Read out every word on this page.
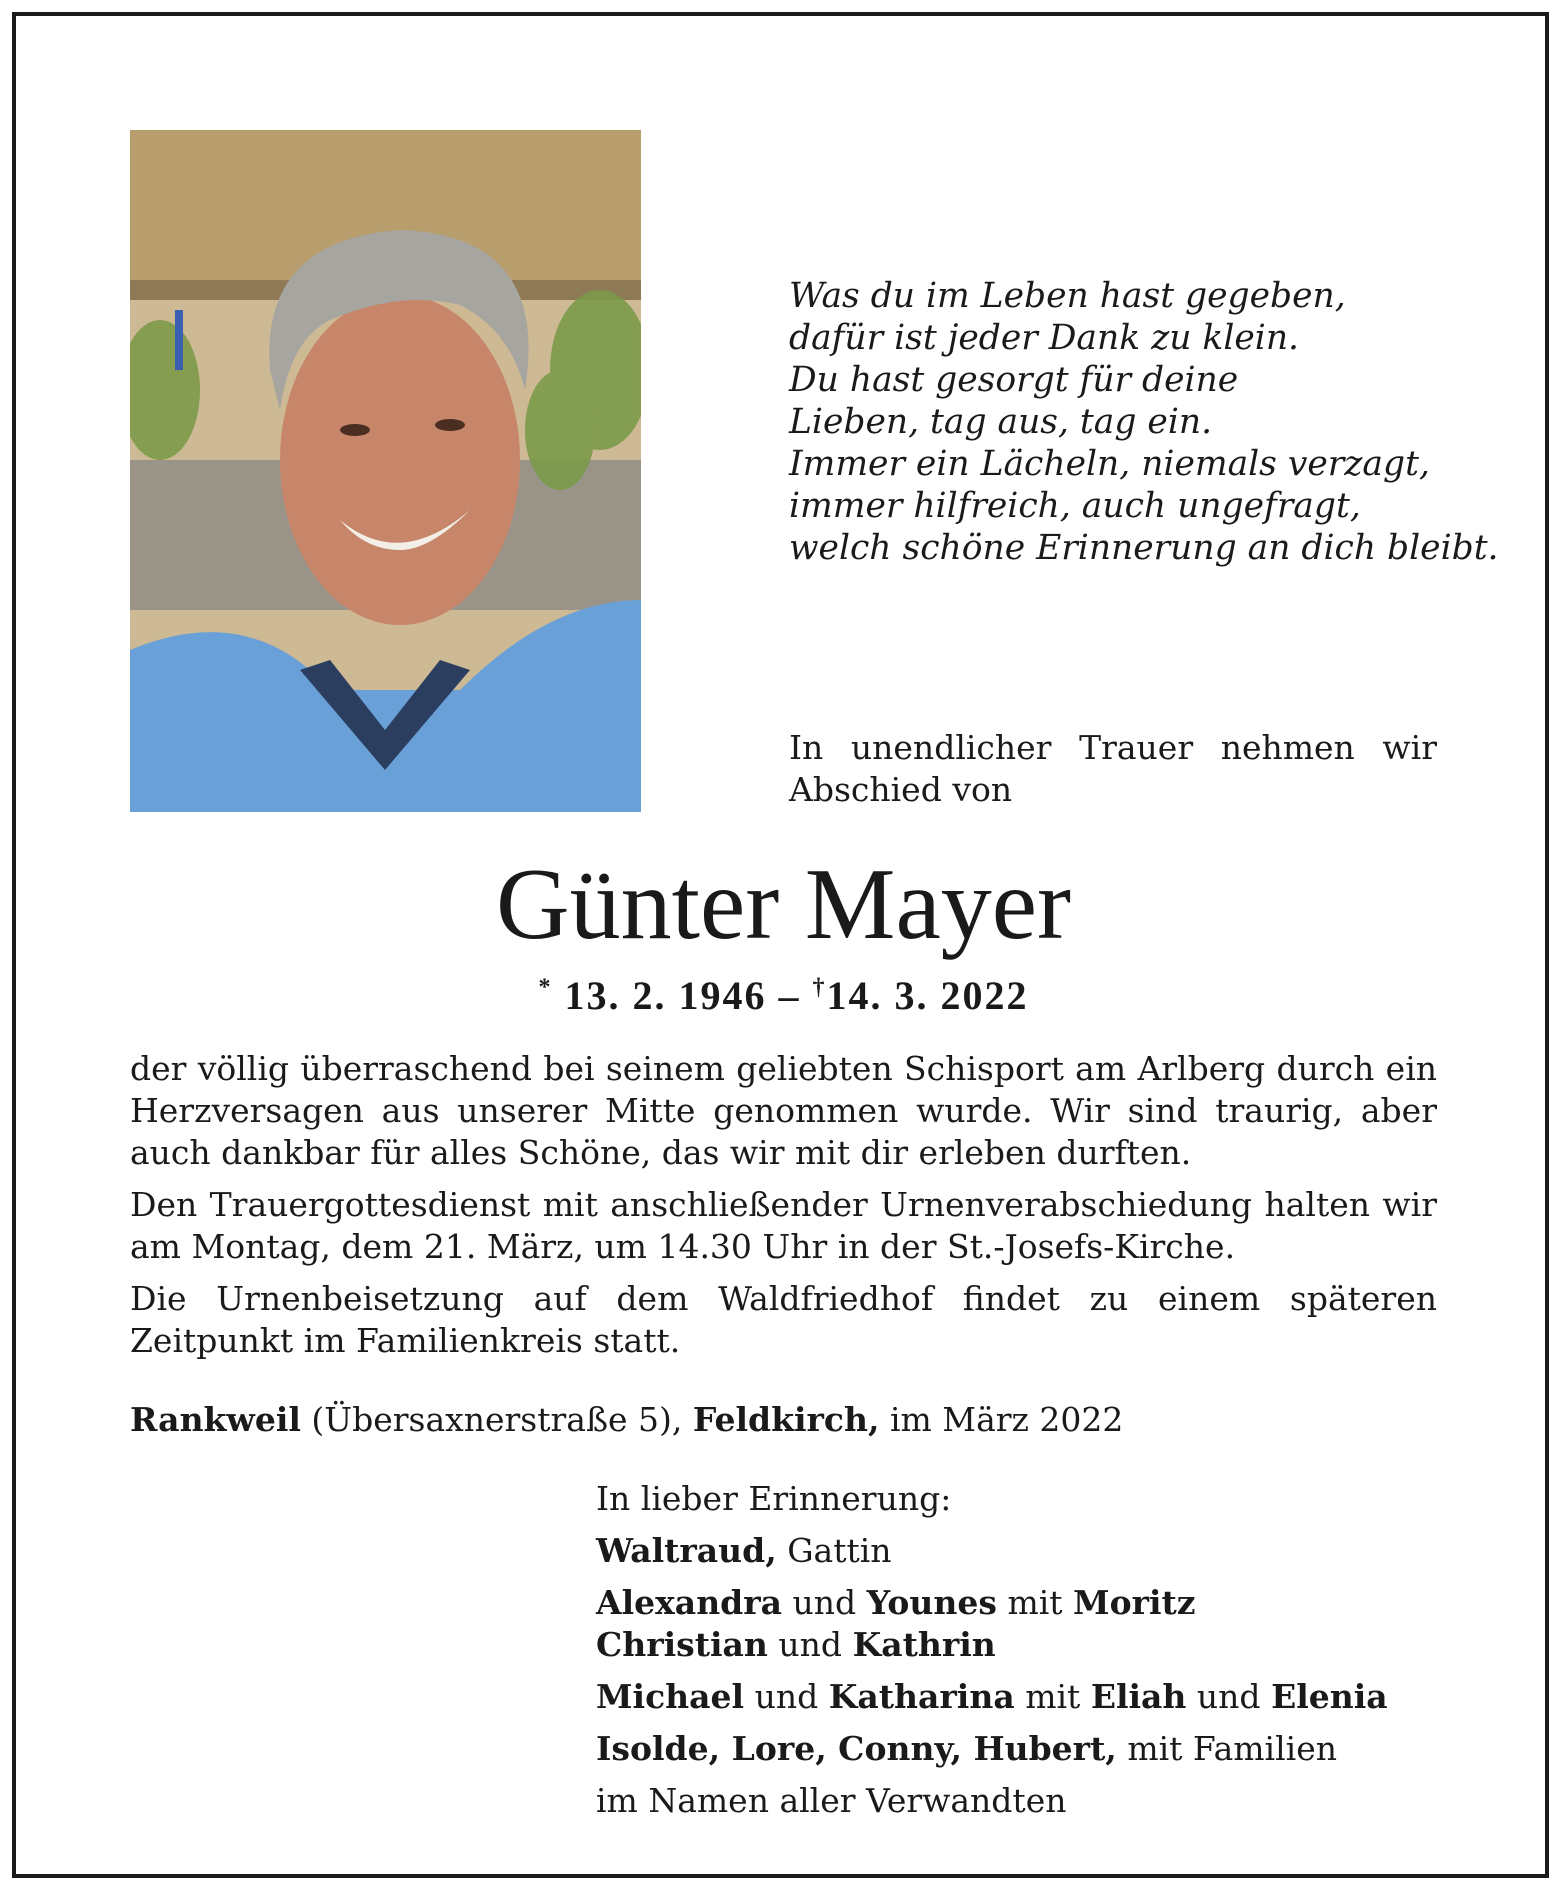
Was du im Leben hast gegeben,
dafür ist jeder Dank zu klein.
Du hast gesorgt für deine
Lieben, tag aus, tag ein.
Immer ein Lächeln, niemals verzagt,
immer hilfreich, auch ungefragt,
welch schöne Erinnerung an dich bleibt.
In unendlicher Trauer nehmen wir Abschied von
Günter Mayer
* 13. 2. 1946 – †14. 3. 2022

der völlig überraschend bei seinem geliebten Schisport am Arlberg durch ein Herzversagen aus unserer Mitte genommen wurde. Wir sind traurig, aber auch dankbar für alles Schöne, das wir mit dir erleben durften.

Den Trauergottesdienst mit anschließender Urnenverabschiedung halten wir am Montag, dem 21. März, um 14.30 Uhr in der St.-Josefs-Kirche.

Die Urnenbeisetzung auf dem Waldfriedhof findet zu einem späteren Zeitpunkt im Familienkreis statt.

Rankweil (Übersaxnerstraße 5), Feldkirch, im März 2022
In lieber Erinnerung:
Waltraud, Gattin
Alexandra und Younes mit Moritz
Christian und Kathrin
Michael und Katharina mit Eliah und Elenia
Isolde, Lore, Conny, Hubert, mit Familien
im Namen aller Verwandten
